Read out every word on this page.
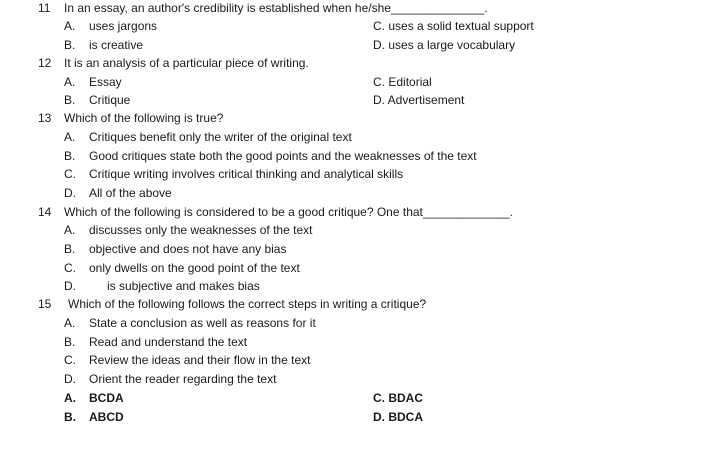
11 In an essay, an author's credibility is established when he/she______________.
A. uses jargons	C. uses a solid textual support
B. is creative	D. uses a large vocabulary
12 It is an analysis of a particular piece of writing.
A. Essay	C. Editorial
B. Critique	D. Advertisement
13 Which of the following is true?
A. Critiques benefit only the writer of the original text
B. Good critiques state both the good points and the weaknesses of the text
C. Critique writing involves critical thinking and analytical skills
D. All of the above
14 Which of the following is considered to be a good critique? One that_____________.
A. discusses only the weaknesses of the text
B. objective and does not have any bias
C. only dwells on the good point of the text
D.	is subjective and makes bias
15 Which of the following follows the correct steps in writing a critique?
A. State a conclusion as well as reasons for it
B. Read and understand the text
C. Review the ideas and their flow in the text
D. Orient the reader regarding the text
A. BCDA	C. BDAC
B. ABCD	D. BDCA
